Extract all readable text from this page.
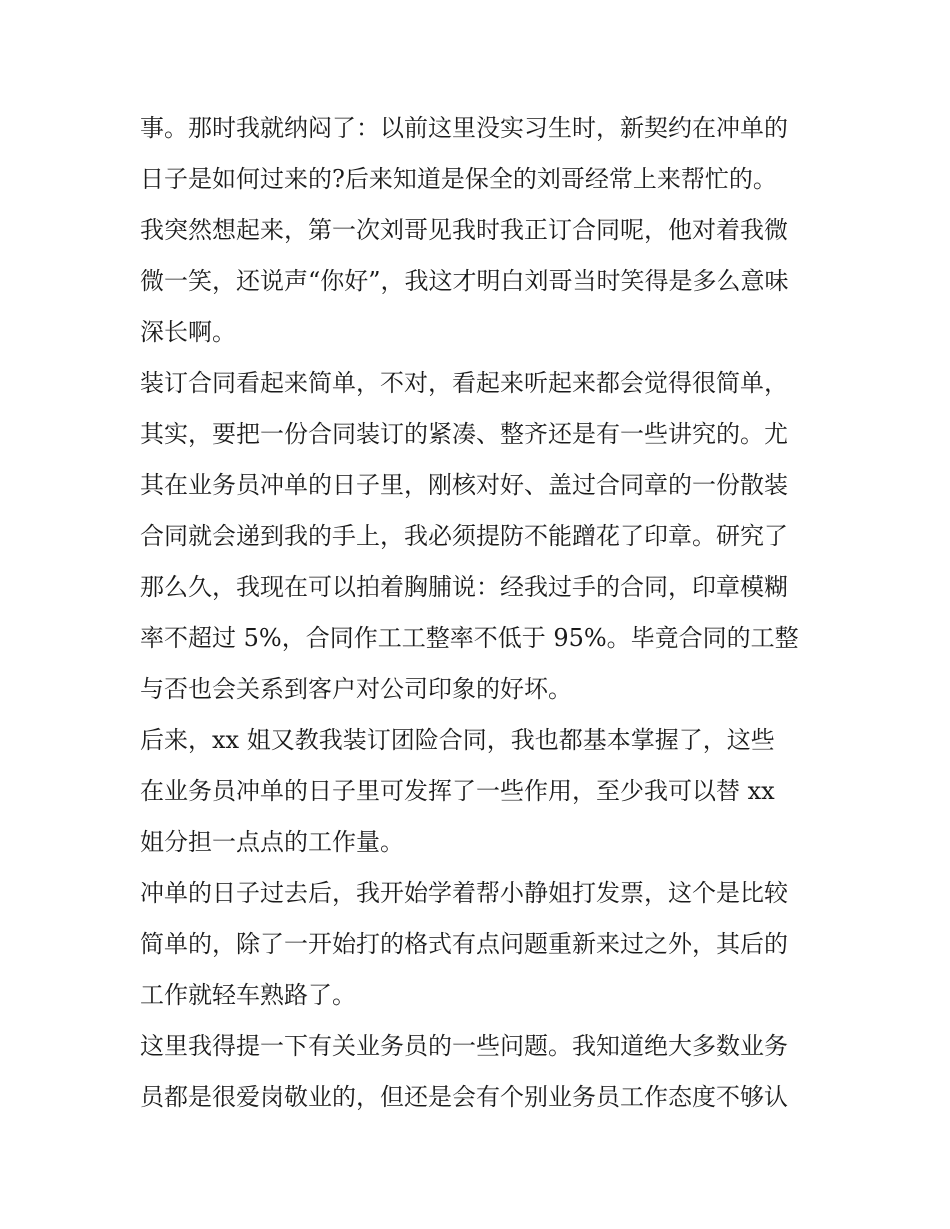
事。那时我就纳闷了：以前这里没实习生时，新契约在冲单的
日子是如何过来的?后来知道是保全的刘哥经常上来帮忙的。
我突然想起来，第一次刘哥见我时我正订合同呢，他对着我微
微一笑，还说声“你好”，我这才明白刘哥当时笑得是多么意味
深长啊。
装订合同看起来简单，不对，看起来听起来都会觉得很简单，
其实，要把一份合同装订的紧凑、整齐还是有一些讲究的。尤
其在业务员冲单的日子里，刚核对好、盖过合同章的一份散装
合同就会递到我的手上，我必须提防不能蹭花了印章。研究了
那么久，我现在可以拍着胸脯说：经我过手的合同，印章模糊
率不超过 5%，合同作工工整率不低于 95%。毕竟合同的工整
与否也会关系到客户对公司印象的好坏。
后来，xx 姐又教我装订团险合同，我也都基本掌握了，这些
在业务员冲单的日子里可发挥了一些作用，至少我可以替 xx
姐分担一点点的工作量。
冲单的日子过去后，我开始学着帮小静姐打发票，这个是比较
简单的，除了一开始打的格式有点问题重新来过之外，其后的
工作就轻车熟路了。
这里我得提一下有关业务员的一些问题。我知道绝大多数业务
员都是很爱岗敬业的，但还是会有个别业务员工作态度不够认
